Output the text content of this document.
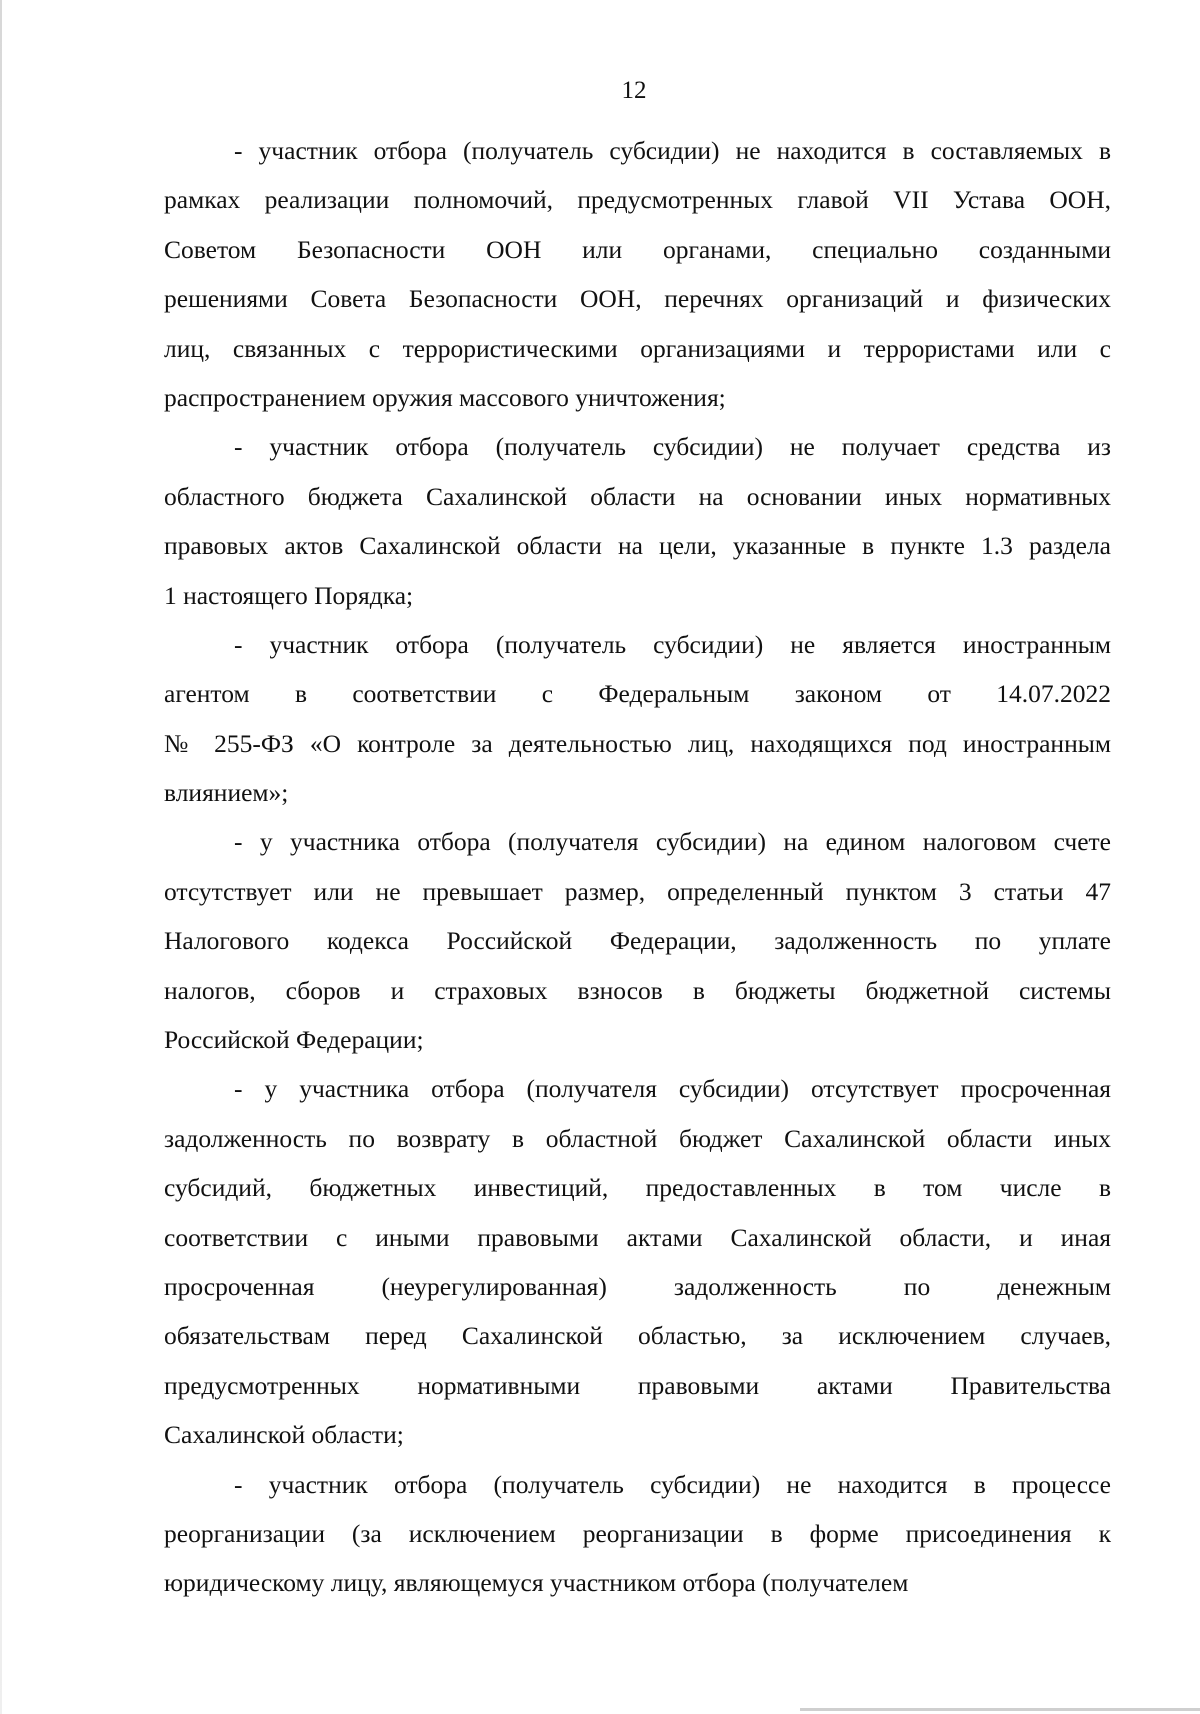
12
- участник отбора (получатель субсидии) не находится в составляемых в
рамках реализации полномочий, предусмотренных главой VII Устава ООН,
Советом Безопасности ООН или органами, специально созданными
решениями Совета Безопасности ООН, перечнях организаций и физических
лиц, связанных с террористическими организациями и террористами или с
распространением оружия массового уничтожения;
- участник отбора (получатель субсидии) не получает средства из
областного бюджета Сахалинской области на основании иных нормативных
правовых актов Сахалинской области на цели, указанные в пункте 1.3 раздела
1 настоящего Порядка;
- участник отбора (получатель субсидии) не является иностранным
агентом в соответствии с Федеральным законом от 14.07.2022
№ 255-ФЗ «О контроле за деятельностью лиц, находящихся под иностранным
влиянием»;
- у участника отбора (получателя субсидии) на едином налоговом счете
отсутствует или не превышает размер, определенный пунктом 3 статьи 47
Налогового кодекса Российской Федерации, задолженность по уплате
налогов, сборов и страховых взносов в бюджеты бюджетной системы
Российской Федерации;
- у участника отбора (получателя субсидии) отсутствует просроченная
задолженность по возврату в областной бюджет Сахалинской области иных
субсидий, бюджетных инвестиций, предоставленных в том числе в
соответствии с иными правовыми актами Сахалинской области, и иная
просроченная (неурегулированная) задолженность по денежным
обязательствам перед Сахалинской областью, за исключением случаев,
предусмотренных нормативными правовыми актами Правительства
Сахалинской области;
- участник отбора (получатель субсидии) не находится в процессе
реорганизации (за исключением реорганизации в форме присоединения к
юридическому лицу, являющемуся участником отбора (получателем
